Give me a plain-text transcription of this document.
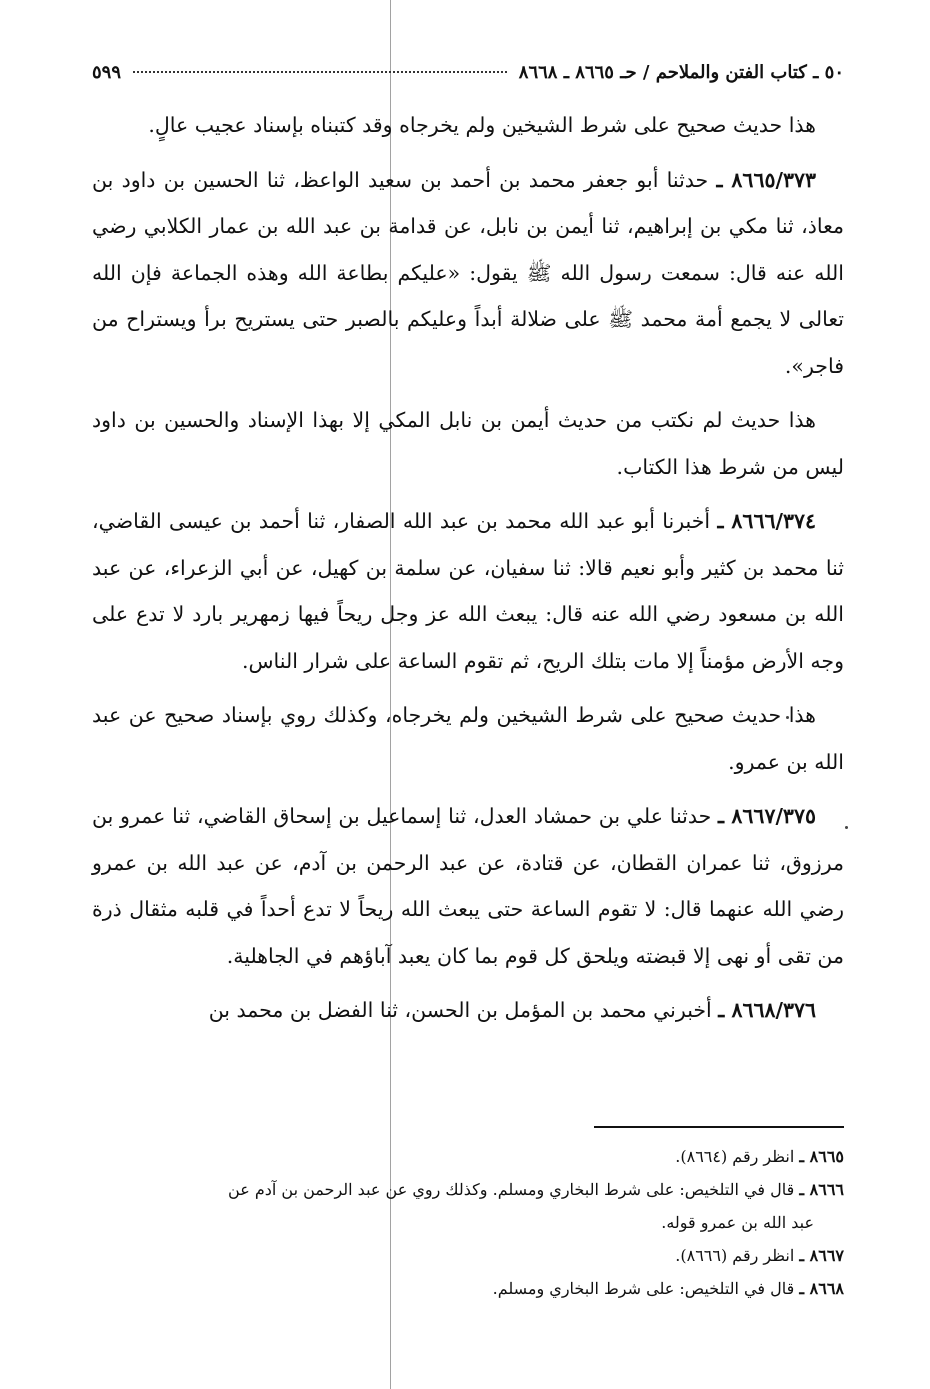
٥٠ ـ كتاب الفتن والملاحم / حـ ٨٦٦٥ ـ ٨٦٦٨
٥٩٩

هذا حديث صحيح على شرط الشيخين ولم يخرجاه وقد كتبناه بإسناد عجيب عالٍ.

٨٦٦٥/٣٧٣ ـ حدثنا أبو جعفر محمد بن أحمد بن سعيد الواعظ، ثنا الحسين بن داود بن معاذ، ثنا مكي بن إبراهيم، ثنا أيمن بن نابل، عن قدامة بن عبد الله بن عمار الكلابي رضي الله عنه قال: سمعت رسول الله ﷺ يقول: «عليكم بطاعة الله وهذه الجماعة فإن الله تعالى لا يجمع أمة محمد ﷺ على ضلالة أبداً وعليكم بالصبر حتى يستريح برأ ويستراح من فاجر».

هذا حديث لم نكتب من حديث أيمن بن نابل المكي إلا بهذا الإسناد والحسين بن داود ليس من شرط هذا الكتاب.

٨٦٦٦/٣٧٤ ـ أخبرنا أبو عبد الله محمد بن عبد الله الصفار، ثنا أحمد بن عيسى القاضي، ثنا محمد بن كثير وأبو نعيم قالا: ثنا سفيان، عن سلمة بن كهيل، عن أبي الزعراء، عن عبد الله بن مسعود رضي الله عنه قال: يبعث الله عز وجل ريحاً فيها زمهرير بارد لا تدع على وجه الأرض مؤمناً إلا مات بتلك الريح، ثم تقوم الساعة على شرار الناس.

هذا حديث صحيح على شرط الشيخين ولم يخرجاه، وكذلك روي بإسناد صحيح عن عبد الله بن عمرو.

٨٦٦٧/٣٧٥ ـ حدثنا علي بن حمشاد العدل، ثنا إسماعيل بن إسحاق القاضي، ثنا عمرو بن مرزوق، ثنا عمران القطان، عن قتادة، عن عبد الرحمن بن آدم، عن عبد الله بن عمرو رضي الله عنهما قال: لا تقوم الساعة حتى يبعث الله ريحاً لا تدع أحداً في قلبه مثقال ذرة من تقى أو نهى إلا قبضته ويلحق كل قوم بما كان يعبد آباؤهم في الجاهلية.

٨٦٦٨/٣٧٦ ـ أخبرني محمد بن المؤمل بن الحسن، ثنا الفضل بن محمد بن

٨٦٦٥ ـ انظر رقم (٨٦٦٤).

٨٦٦٦ ـ قال في التلخيص: على شرط البخاري ومسلم. وكذلك روي عن عبد الرحمن بن آدم عن

عبد الله بن عمرو قوله.

٨٦٦٧ ـ انظر رقم (٨٦٦٦).

٨٦٦٨ ـ قال في التلخيص: على شرط البخاري ومسلم.
